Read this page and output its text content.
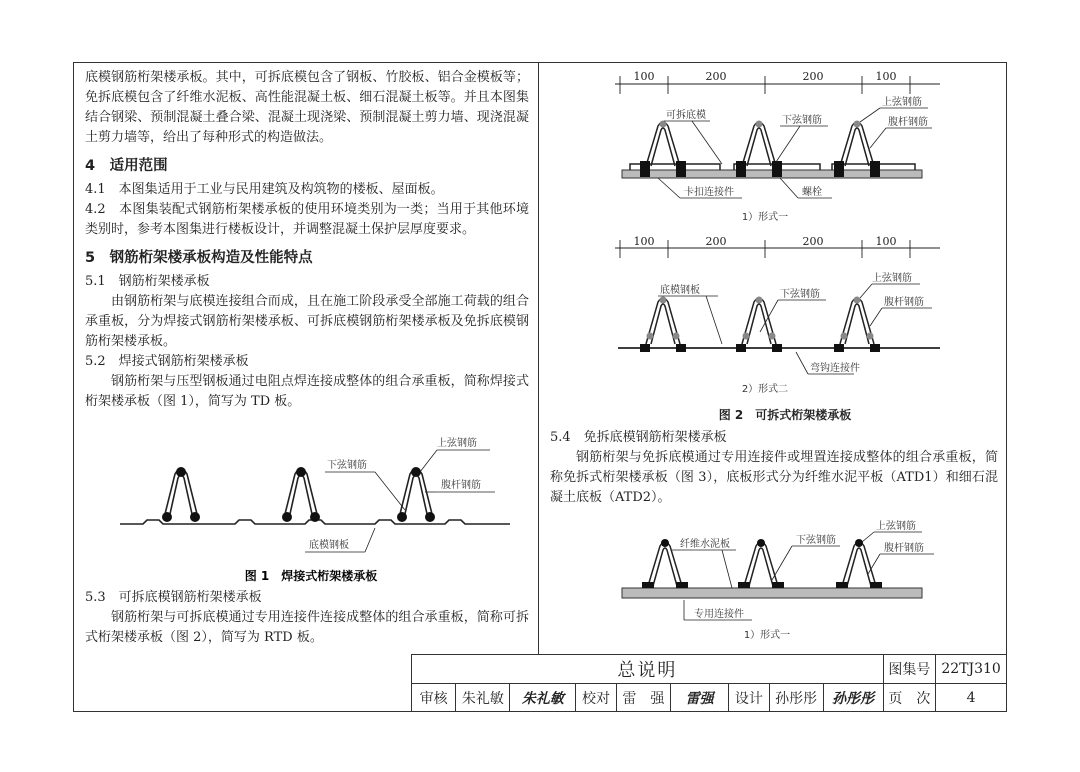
底模钢筋桁架楼承板。其中，可拆底模包含了钢板、竹胶板、铝合金模板等；免拆底模包含了纤维水泥板、高性能混凝土板、细石混凝土板等。并且本图集结合钢梁、预制混凝土叠合梁、混凝土现浇梁、预制混凝土剪力墙、现浇混凝土剪力墙等，给出了每种形式的构造做法。

4　适用范围

4.1　本图集适用于工业与民用建筑及构筑物的楼板、屋面板。

4.2　本图集装配式钢筋桁架楼承板的使用环境类别为一类；当用于其他环境类别时，参考本图集进行楼板设计，并调整混凝土保护层厚度要求。

5　钢筋桁架楼承板构造及性能特点

5.1　钢筋桁架楼承板

由钢筋桁架与底模连接组合而成，且在施工阶段承受全部施工荷载的组合承重板，分为焊接式钢筋桁架楼承板、可拆底模钢筋桁架楼承板及免拆底模钢筋桁架楼承板。

5.2　焊接式钢筋桁架楼承板

钢筋桁架与压型钢板通过电阻点焊连接成整体的组合承重板，简称焊接式桁架楼承板（图 1），简写为 TD 板。

上弦钢筋
下弦钢筋
腹杆钢筋
底模钢板
图 1　焊接式桁架楼承板

5.3　可拆底模钢筋桁架楼承板

钢筋桁架与可拆底模通过专用连接件连接成整体的组合承重板，简称可拆式桁架楼承板（图 2），简写为 RTD 板。

100	200	200	100
可拆底模	下弦钢筋
上弦钢筋
腹杆钢筋
卡扣连接件	螺栓
1）形式一
100	200	200	100
底模钢板	下弦钢筋
上弦钢筋
腹杆钢筋
弯钩连接件
2）形式二
图 2　可拆式桁架楼承板

5.4　免拆底模钢筋桁架楼承板

钢筋桁架与免拆底模通过专用连接件或埋置连接成整体的组合承重板，简称免拆式桁架楼承板（图 3），底板形式分为纤维水泥平板（ATD1）和细石混凝土底板（ATD2）。

纤维水泥板	下弦钢筋
上弦钢筋
腹杆钢筋
专用连接件
1）形式一
总说明									图集号	22TJ310
审核	朱礼敏	朱礼敏	校对	雷　强	雷强	设计	孙彤彤	孙彤彤	页　次	4
